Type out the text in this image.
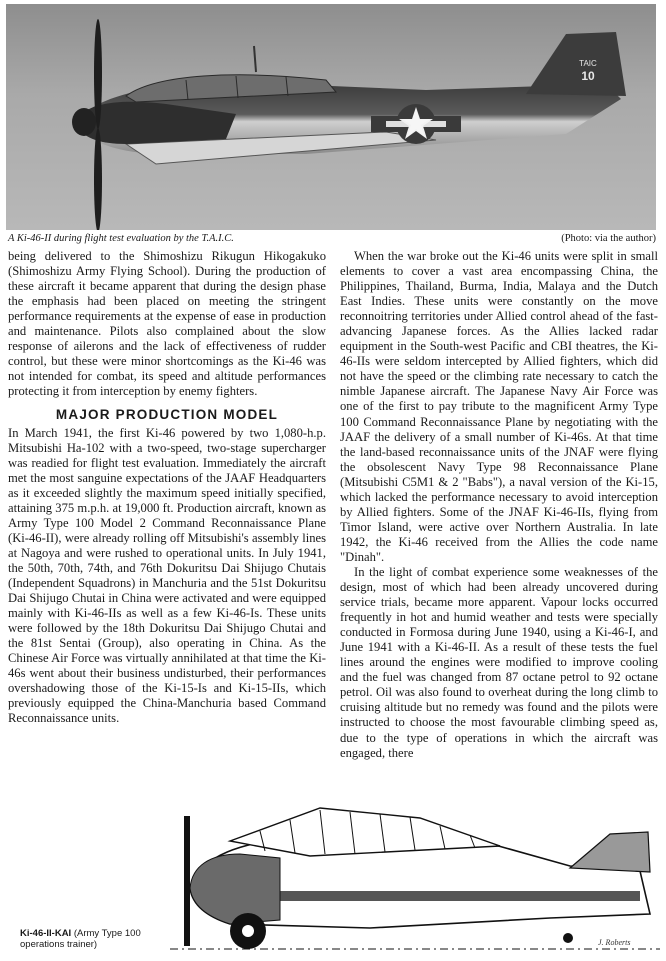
TAIC
10
A Ki-46-II during flight test evaluation by the T.A.I.C.	(Photo: via the author)

being delivered to the Shimoshizu Rikugun Hikogakuko (Shimoshizu Army Flying School). During the production of these aircraft it became apparent that during the design phase the emphasis had been placed on meeting the stringent performance requirements at the expense of ease in production and maintenance. Pilots also complained about the slow response of ailerons and the lack of effectiveness of rudder control, but these were minor shortcomings as the Ki-46 was not intended for combat, its speed and altitude performances protecting it from interception by enemy fighters.

MAJOR PRODUCTION MODEL

In March 1941, the first Ki-46 powered by two 1,080-h.p. Mitsubishi Ha-102 with a two-speed, two-stage supercharger was readied for flight test evaluation. Immediately the aircraft met the most sanguine expectations of the JAAF Headquarters as it exceeded slightly the maximum speed initially specified, attaining 375 m.p.h. at 19,000 ft. Production aircraft, known as Army Type 100 Model 2 Command Reconnaissance Plane (Ki-46-II), were already rolling off Mitsubishi's assembly lines at Nagoya and were rushed to operational units. In July 1941, the 50th, 70th, 74th, and 76th Dokuritsu Dai Shijugo Chutais (Independent Squadrons) in Manchuria and the 51st Dokuritsu Dai Shijugo Chutai in China were activated and were equipped mainly with Ki-46-IIs as well as a few Ki-46-Is. These units were followed by the 18th Dokuritsu Dai Shijugo Chutai and the 81st Sentai (Group), also operating in China. As the Chinese Air Force was virtually annihilated at that time the Ki-46s went about their business undisturbed, their performances overshadowing those of the Ki-15-Is and Ki-15-IIs, which previously equipped the China-Manchuria based Command Reconnaissance units.

When the war broke out the Ki-46 units were split in small elements to cover a vast area encompassing China, the Philippines, Thailand, Burma, India, Malaya and the Dutch East Indies. These units were constantly on the move reconnoitring territories under Allied control ahead of the fast-advancing Japanese forces. As the Allies lacked radar equipment in the South-west Pacific and CBI theatres, the Ki-46-IIs were seldom intercepted by Allied fighters, which did not have the speed or the climbing rate necessary to catch the nimble Japanese aircraft. The Japanese Navy Air Force was one of the first to pay tribute to the magnificent Army Type 100 Command Reconnaissance Plane by negotiating with the JAAF the delivery of a small number of Ki-46s. At that time the land-based reconnaissance units of the JNAF were flying the obsolescent Navy Type 98 Reconnaissance Plane (Mitsubishi C5M1 & 2 "Babs"), a naval version of the Ki-15, which lacked the performance necessary to avoid interception by Allied fighters. Some of the JNAF Ki-46-IIs, flying from Timor Island, were active over Northern Australia. In late 1942, the Ki-46 received from the Allies the code name "Dinah".

In the light of combat experience some weaknesses of the design, most of which had been already uncovered during service trials, became more apparent. Vapour locks occurred frequently in hot and humid weather and tests were specially conducted in Formosa during June 1940, using a Ki-46-I, and June 1941 with a Ki-46-II. As a result of these tests the fuel lines around the engines were modified to improve cooling and the fuel was changed from 87 octane petrol to 92 octane petrol. Oil was also found to overheat during the long climb to cruising altitude but no remedy was found and the pilots were instructed to choose the most favourable climbing speed as, due to the type of operations in which the aircraft was engaged, there

Ki-46-II-KAI (Army Type 100 operations trainer)	J. Roberts
